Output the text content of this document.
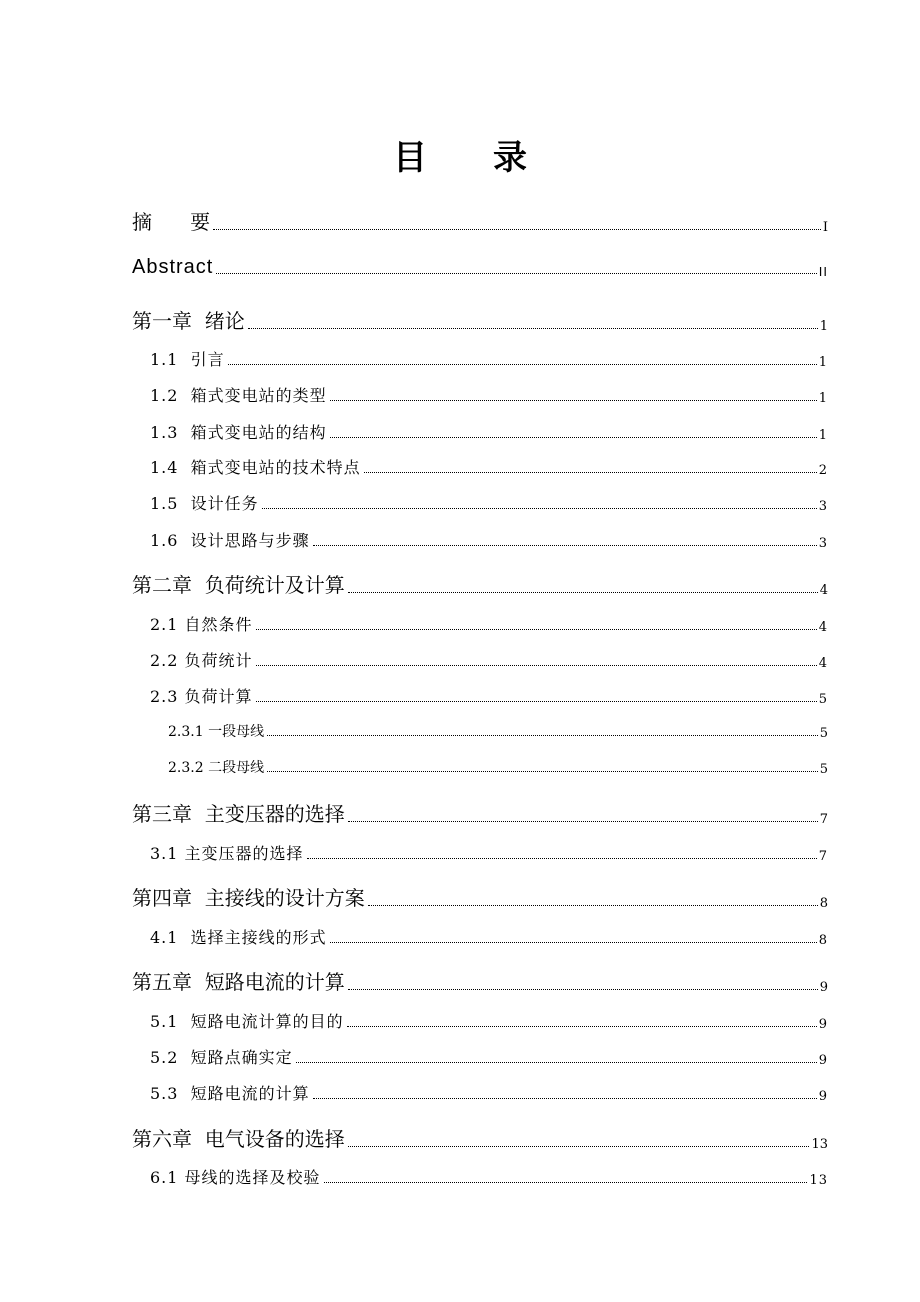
目 录
摘      要	I
Abstract	II
第一章  绪论	1
1.1  引言	1
1.2  箱式变电站的类型	1
1.3  箱式变电站的结构	1
1.4  箱式变电站的技术特点	2
1.5  设计任务	3
1.6  设计思路与步骤	3
第二章  负荷统计及计算	4
2.1 自然条件	4
2.2 负荷统计	4
2.3 负荷计算	5
2.3.1 一段母线	5
2.3.2 二段母线	5
第三章  主变压器的选择	7
3.1 主变压器的选择	7
第四章  主接线的设计方案	8
4.1  选择主接线的形式	8
第五章  短路电流的计算	9
5.1  短路电流计算的目的	9
5.2  短路点确实定	9
5.3  短路电流的计算	9
第六章  电气设备的选择	13
6.1 母线的选择及校验	13
